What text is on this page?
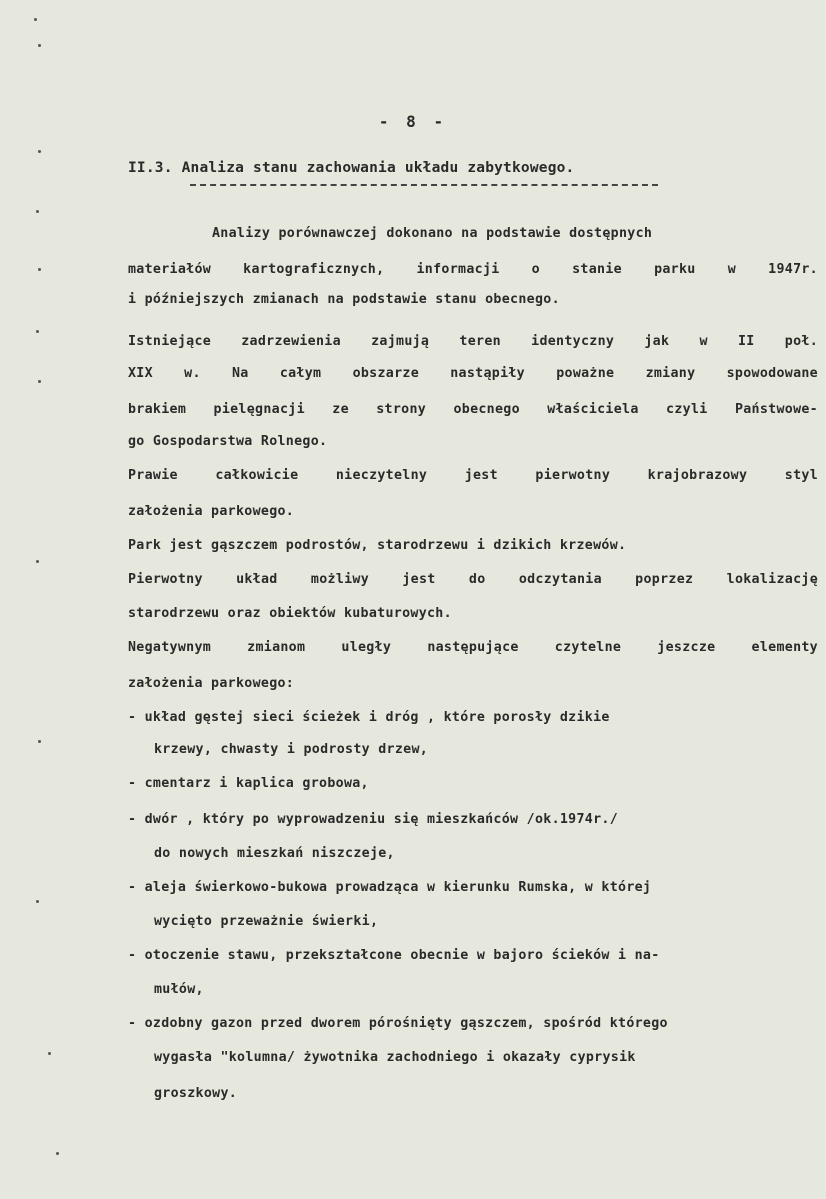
- 8 -
II.3. Analiza stanu zachowania układu zabytkowego.
Analizy porównawczej dokonano na podstawie dostępnych
materiałów kartograficznych, informacji o stanie parku w 1947r.
i późniejszych zmianach na podstawie stanu obecnego.
Istniejące zadrzewienia zajmują teren identyczny jak w II poł.
XIX w. Na całym obszarze nastąpiły poważne zmiany spowodowane
brakiem pielęgnacji ze strony obecnego właściciela czyli Państwowe-
go Gospodarstwa Rolnego.
Prawie całkowicie nieczytelny jest pierwotny krajobrazowy styl
założenia parkowego.
Park jest gąszczem podrostów, starodrzewu i dzikich krzewów.
Pierwotny układ możliwy jest do odczytania poprzez lokalizację
starodrzewu oraz obiektów kubaturowych.
Negatywnym zmianom uległy następujące czytelne jeszcze elementy
założenia parkowego:
- układ gęstej sieci ścieżek i dróg , które porosły dzikie
krzewy, chwasty i podrosty drzew,
- cmentarz i kaplica grobowa,
- dwór , który po wyprowadzeniu się mieszkańców /ok.1974r./
do nowych mieszkań niszczeje,
- aleja świerkowo-bukowa prowadząca w kierunku Rumska, w której
wycięto przeważnie świerki,
- otoczenie stawu, przekształcone obecnie w bajoro ścieków i na-
mułów,
- ozdobny gazon przed dworem pórośnięty gąszczem, spośród którego
wygasła "kolumna/ żywotnika zachodniego i okazały cyprysik
groszkowy.
